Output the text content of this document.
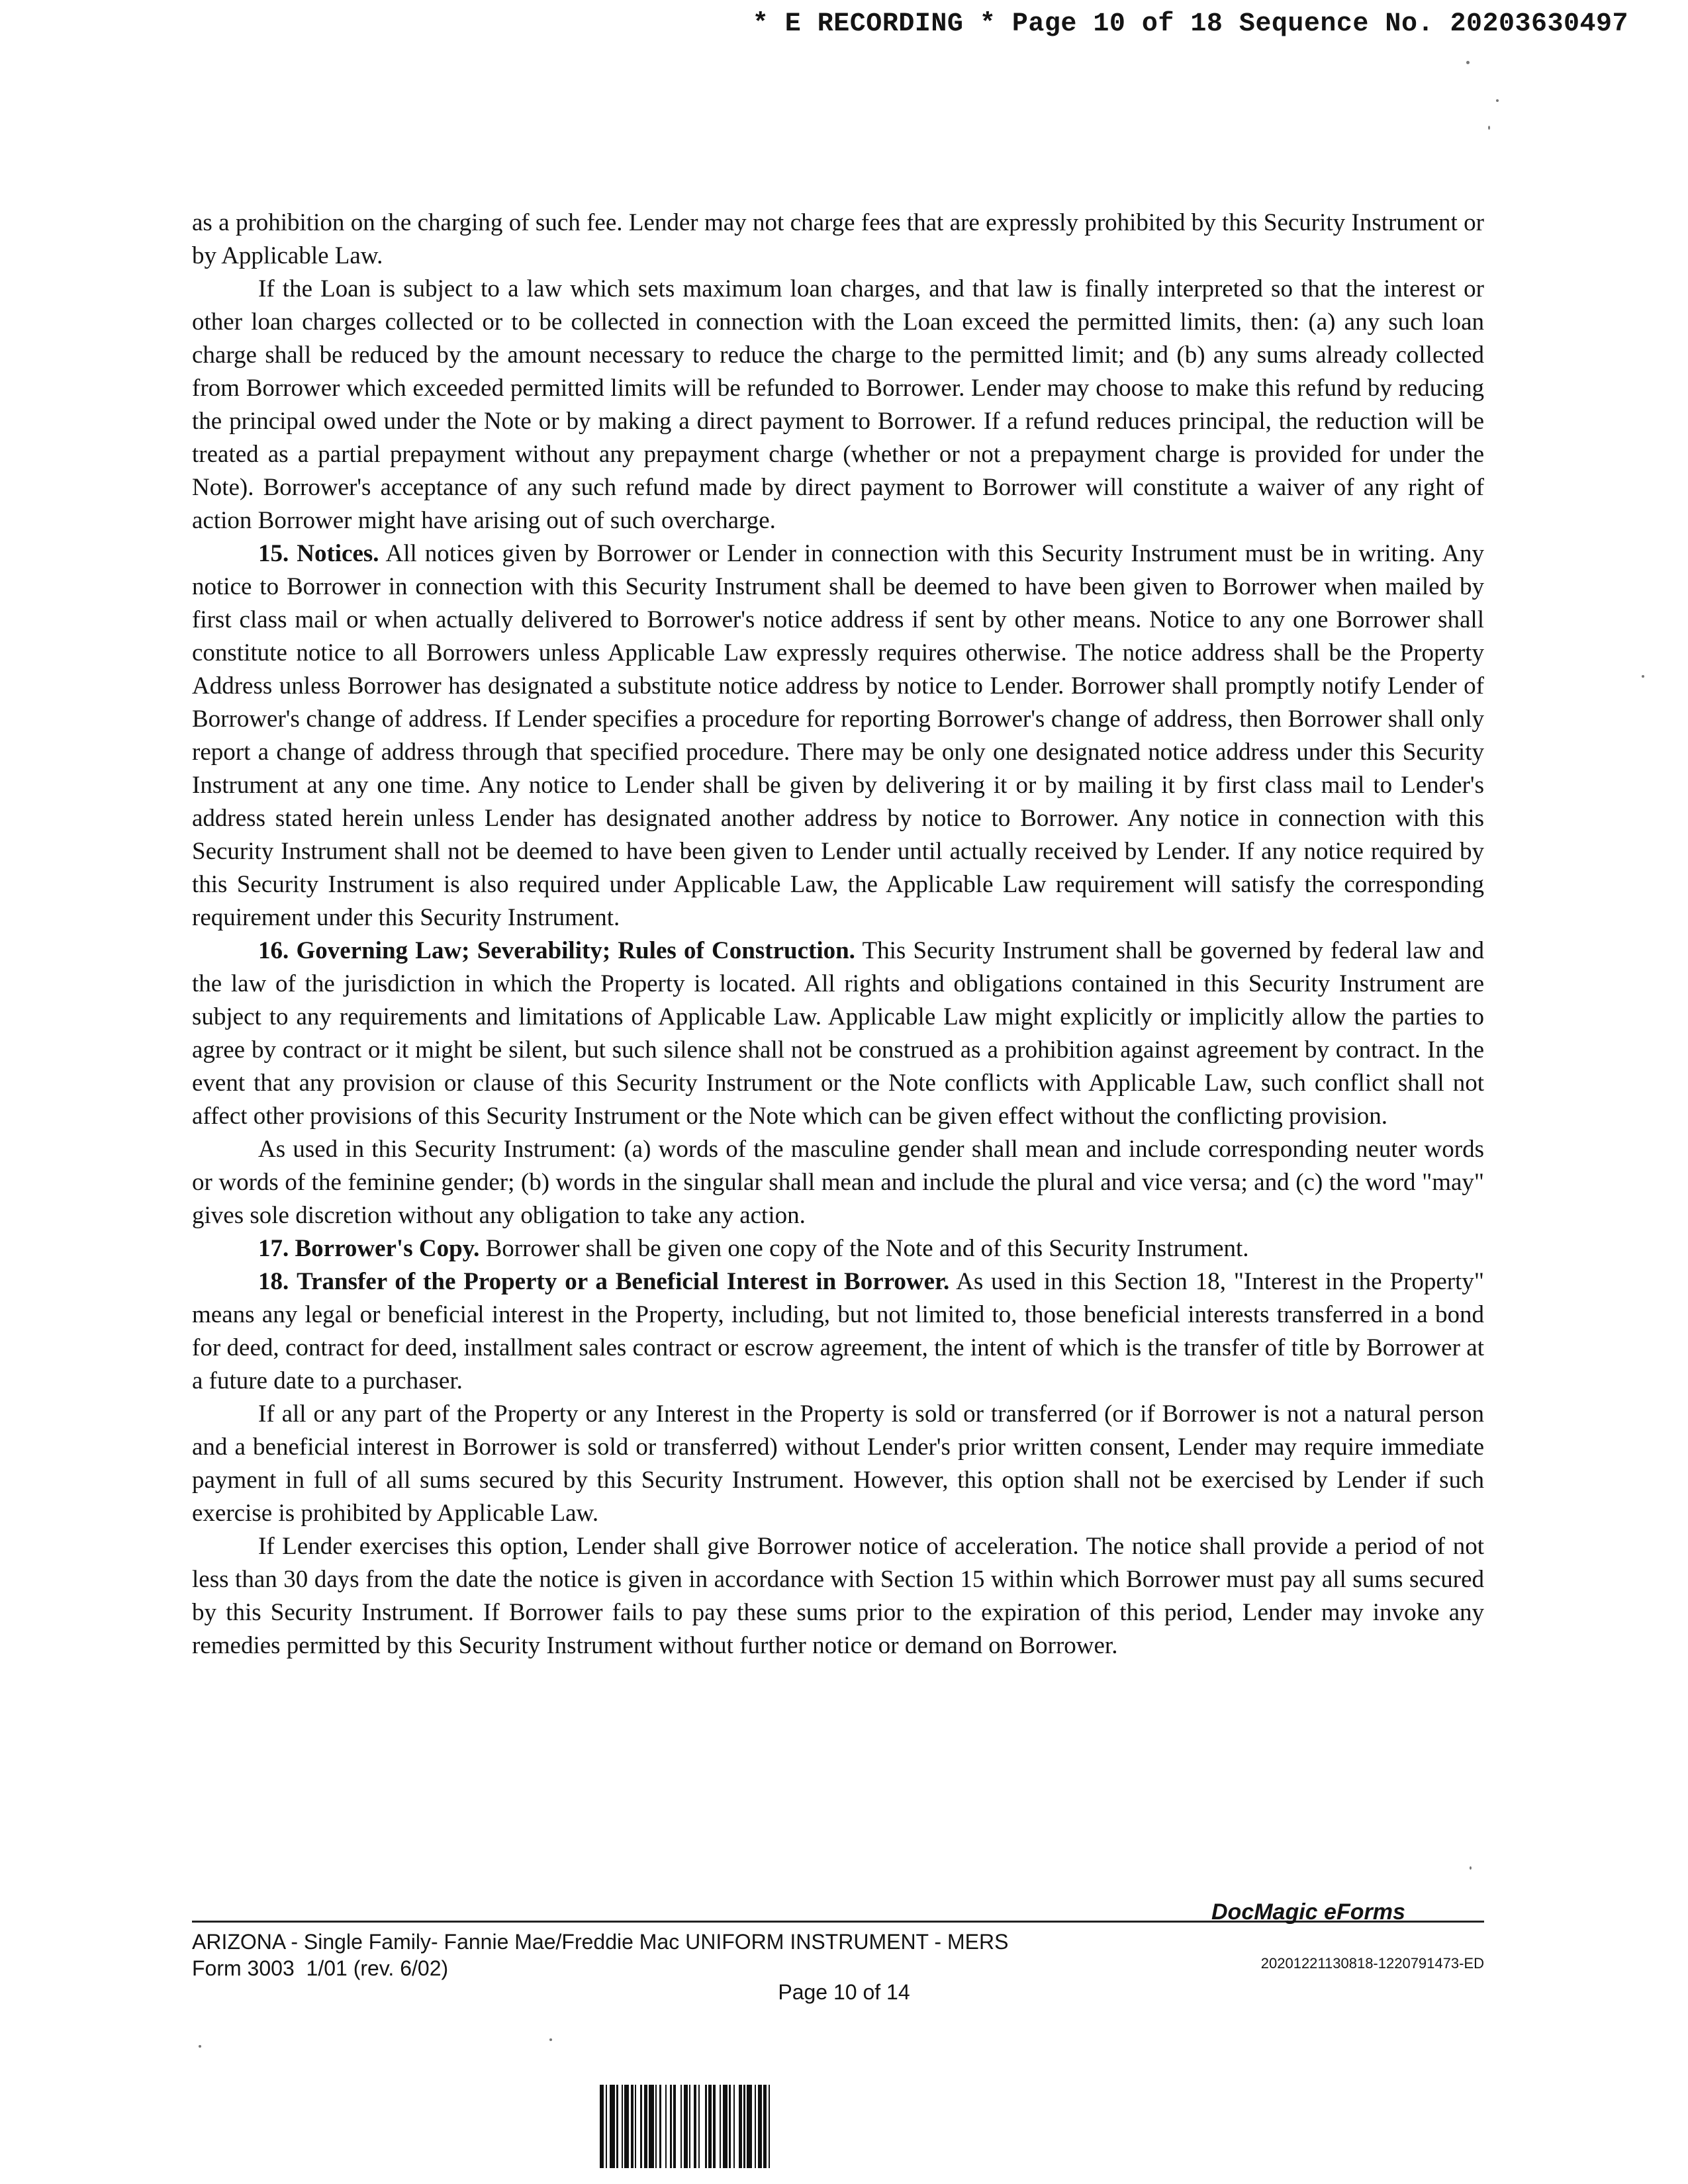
* E RECORDING * Page 10 of 18 Sequence No. 20203630497

as a prohibition on the charging of such fee. Lender may not charge fees that are expressly prohibited by this Security Instrument or by Applicable Law.

If the Loan is subject to a law which sets maximum loan charges, and that law is finally interpreted so that the interest or other loan charges collected or to be collected in connection with the Loan exceed the permitted limits, then: (a) any such loan charge shall be reduced by the amount necessary to reduce the charge to the permitted limit; and (b) any sums already collected from Borrower which exceeded permitted limits will be refunded to Borrower. Lender may choose to make this refund by reducing the principal owed under the Note or by making a direct payment to Borrower. If a refund reduces principal, the reduction will be treated as a partial prepayment without any prepayment charge (whether or not a prepayment charge is provided for under the Note). Borrower's acceptance of any such refund made by direct payment to Borrower will constitute a waiver of any right of action Borrower might have arising out of such overcharge.

15. Notices. All notices given by Borrower or Lender in connection with this Security Instrument must be in writing. Any notice to Borrower in connection with this Security Instrument shall be deemed to have been given to Borrower when mailed by first class mail or when actually delivered to Borrower's notice address if sent by other means. Notice to any one Borrower shall constitute notice to all Borrowers unless Applicable Law expressly requires otherwise. The notice address shall be the Property Address unless Borrower has designated a substitute notice address by notice to Lender. Borrower shall promptly notify Lender of Borrower's change of address. If Lender specifies a procedure for reporting Borrower's change of address, then Borrower shall only report a change of address through that specified procedure. There may be only one designated notice address under this Security Instrument at any one time. Any notice to Lender shall be given by delivering it or by mailing it by first class mail to Lender's address stated herein unless Lender has designated another address by notice to Borrower. Any notice in connection with this Security Instrument shall not be deemed to have been given to Lender until actually received by Lender. If any notice required by this Security Instrument is also required under Applicable Law, the Applicable Law requirement will satisfy the corresponding requirement under this Security Instrument.

16. Governing Law; Severability; Rules of Construction. This Security Instrument shall be governed by federal law and the law of the jurisdiction in which the Property is located. All rights and obligations contained in this Security Instrument are subject to any requirements and limitations of Applicable Law. Applicable Law might explicitly or implicitly allow the parties to agree by contract or it might be silent, but such silence shall not be construed as a prohibition against agreement by contract. In the event that any provision or clause of this Security Instrument or the Note conflicts with Applicable Law, such conflict shall not affect other provisions of this Security Instrument or the Note which can be given effect without the conflicting provision.

As used in this Security Instrument: (a) words of the masculine gender shall mean and include corresponding neuter words or words of the feminine gender; (b) words in the singular shall mean and include the plural and vice versa; and (c) the word "may" gives sole discretion without any obligation to take any action.

17. Borrower's Copy. Borrower shall be given one copy of the Note and of this Security Instrument.

18. Transfer of the Property or a Beneficial Interest in Borrower. As used in this Section 18, "Interest in the Property" means any legal or beneficial interest in the Property, including, but not limited to, those beneficial interests transferred in a bond for deed, contract for deed, installment sales contract or escrow agreement, the intent of which is the transfer of title by Borrower at a future date to a purchaser.

If all or any part of the Property or any Interest in the Property is sold or transferred (or if Borrower is not a natural person and a beneficial interest in Borrower is sold or transferred) without Lender's prior written consent, Lender may require immediate payment in full of all sums secured by this Security Instrument. However, this option shall not be exercised by Lender if such exercise is prohibited by Applicable Law.

If Lender exercises this option, Lender shall give Borrower notice of acceleration. The notice shall provide a period of not less than 30 days from the date the notice is given in accordance with Section 15 within which Borrower must pay all sums secured by this Security Instrument. If Borrower fails to pay these sums prior to the expiration of this period, Lender may invoke any remedies permitted by this Security Instrument without further notice or demand on Borrower.

DocMagic eForms
ARIZONA - Single Family- Fannie Mae/Freddie Mac UNIFORM INSTRUMENT - MERS
Form 3003  1/01 (rev. 6/02)	20201221130818-1220791473-ED
Page 10 of 14
